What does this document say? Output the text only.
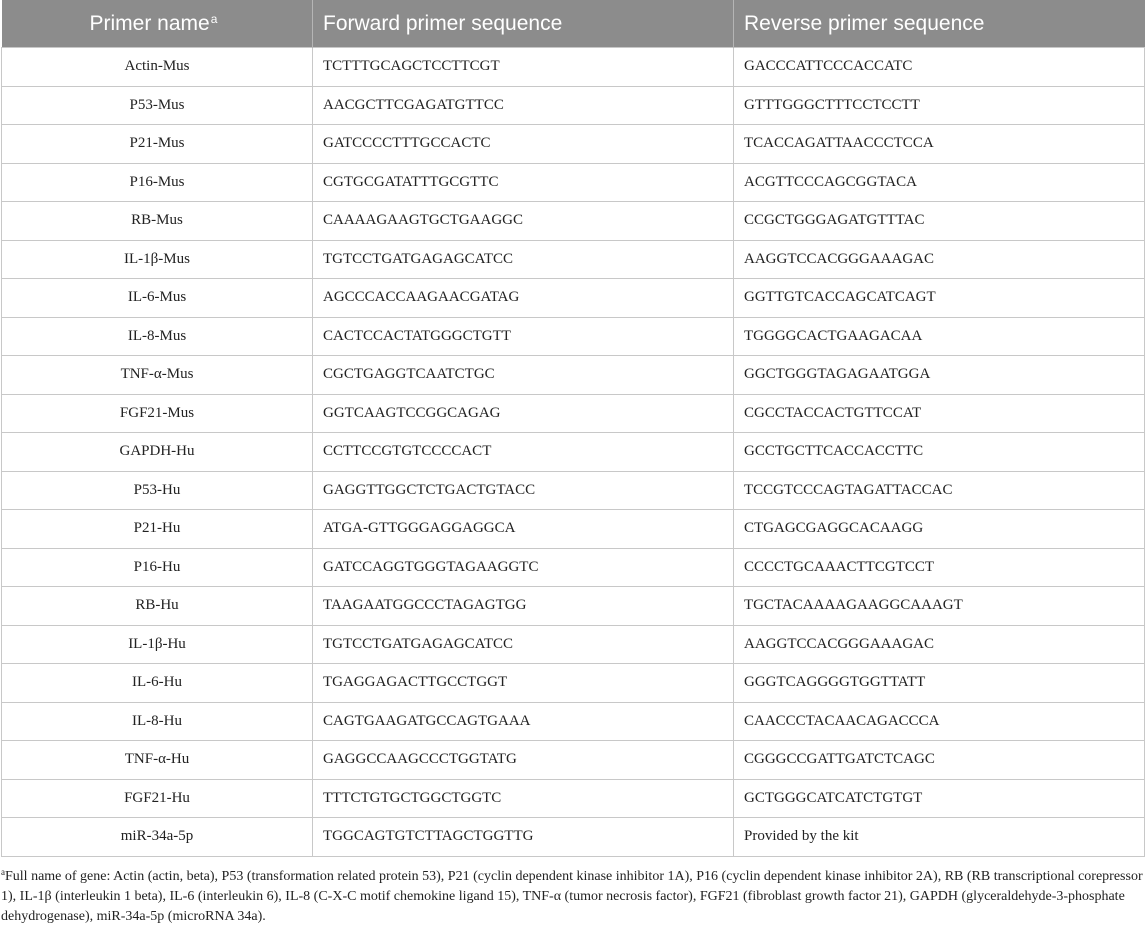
Primer name$^a$	Forward primer sequence	Reverse primer sequence
Actin-Mus	TCTTTGCAGCTCCTTCGT	GACCCATTCCCACCATC
P53-Mus	AACGCTTCGAGATGTTCC	GTTTGGGCTTTCCTCCTT
P21-Mus	GATCCCCTTTGCCACTC	TCACCAGATTAACCCTCCA
P16-Mus	CGTGCGATATTTGCGTTC	ACGTTCCCAGCGGTACA
RB-Mus	CAAAAGAAGTGCTGAAGGC	CCGCTGGGAGATGTTTAC
IL-1β-Mus	TGTCCTGATGAGAGCATCC	AAGGTCCACGGGAAAGAC
IL-6-Mus	AGCCCACCAAGAACGATAG	GGTTGTCACCAGCATCAGT
IL-8-Mus	CACTCCACTATGGGCTGTT	TGGGGCACTGAAGACAA
TNF-α-Mus	CGCTGAGGTCAATCTGC	GGCTGGGTAGAGAATGGA
FGF21-Mus	GGTCAAGTCCGGCAGAG	CGCCTACCACTGTTCCAT
GAPDH-Hu	CCTTCCGTGTCCCCACT	GCCTGCTTCACCACCTTC
P53-Hu	GAGGTTGGCTCTGACTGTACC	TCCGTCCCAGTAGATTACCAC
P21-Hu	ATGA-GTTGGGAGGAGGCA	CTGAGCGAGGCACAAGG
P16-Hu	GATCCAGGTGGGTAGAAGGTC	CCCCTGCAAACTTCGTCCT
RB-Hu	TAAGAATGGCCCTAGAGTGG	TGCTACAAAAGAAGGCAAAGT
IL-1β-Hu	TGTCCTGATGAGAGCATCC	AAGGTCCACGGGAAAGAC
IL-6-Hu	TGAGGAGACTTGCCTGGT	GGGTCAGGGGTGGTTATT
IL-8-Hu	CAGTGAAGATGCCAGTGAAA	CAACCCTACAACAGACCCA
TNF-α-Hu	GAGGCCAAGCCCTGGTATG	CGGGCCGATTGATCTCAGC
FGF21-Hu	TTTCTGTGCTGGCTGGTC	GCTGGGCATCATCTGTGT
miR-34a-5p	TGGCAGTGTCTTAGCTGGTTG	Provided by the kit
$^a$Full name of gene: Actin (actin, beta), P53 (transformation related protein 53), P21 (cyclin dependent kinase inhibitor 1A), P16 (cyclin dependent kinase inhibitor 2A), RB (RB transcriptional corepressor 1), IL-1β (interleukin 1 beta), IL-6 (interleukin 6), IL-8 (C-X-C motif chemokine ligand 15), TNF-α (tumor necrosis factor), FGF21 (fibroblast growth factor 21), GAPDH (glyceraldehyde-3-phosphate dehydrogenase), miR-34a-5p (microRNA 34a).
